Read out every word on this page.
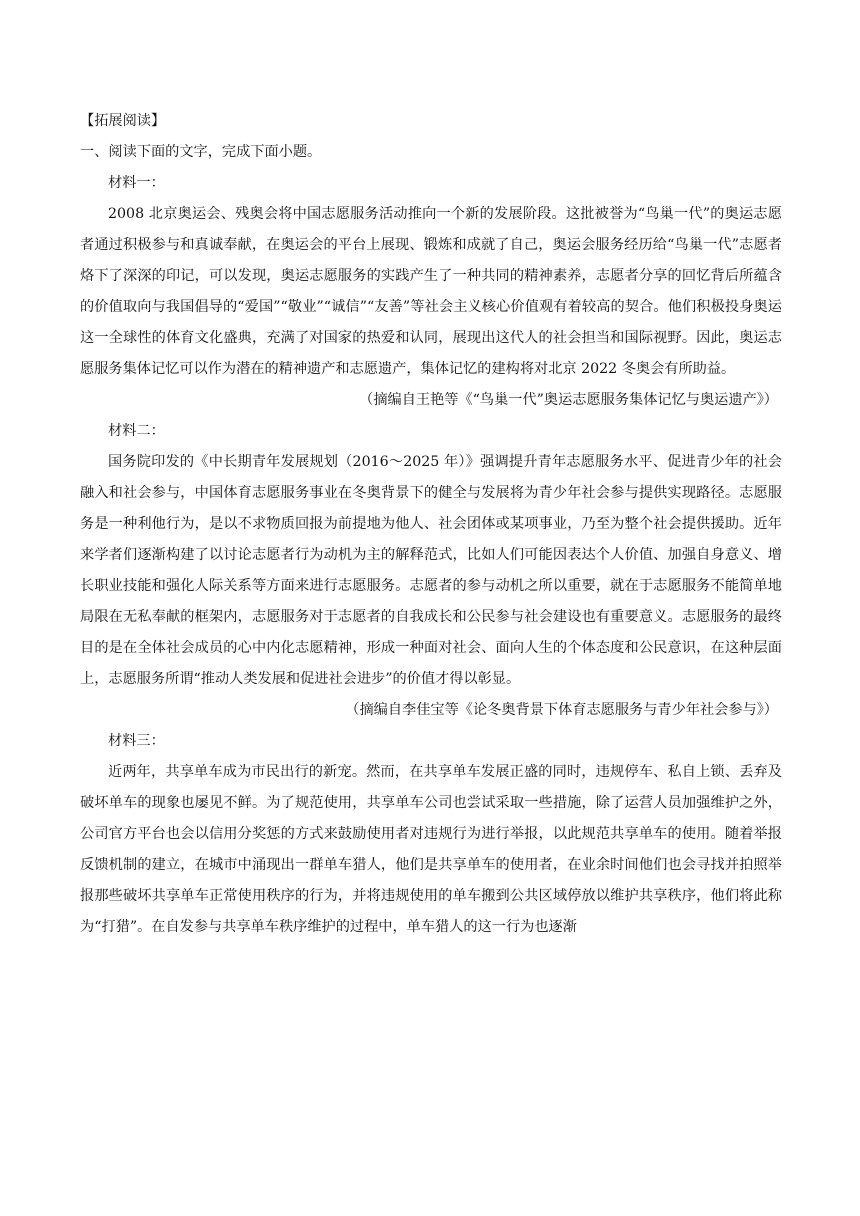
【拓展阅读】

一、阅读下面的文字，完成下面小题。

材料一：

2008 北京奥运会、残奥会将中国志愿服务活动推向一个新的发展阶段。这批被誉为“鸟巢一代”的奥运志愿者通过积极参与和真诚奉献，在奥运会的平台上展现、锻炼和成就了自己，奥运会服务经历给“鸟巢一代”志愿者烙下了深深的印记，可以发现，奥运志愿服务的实践产生了一种共同的精神素养，志愿者分享的回忆背后所蕴含的价值取向与我国倡导的“爱国”“敬业”“诚信”“友善”等社会主义核心价值观有着较高的契合。他们积极投身奥运这一全球性的体育文化盛典，充满了对国家的热爱和认同，展现出这代人的社会担当和国际视野。因此，奥运志愿服务集体记忆可以作为潜在的精神遗产和志愿遗产，集体记忆的建构将对北京 2022 冬奥会有所助益。

（摘编自王艳等《“鸟巢一代”奥运志愿服务集体记忆与奥运遗产》）

材料二：

国务院印发的《中长期青年发展规划（2016～2025 年）》强调提升青年志愿服务水平、促进青少年的社会融入和社会参与，中国体育志愿服务事业在冬奥背景下的健全与发展将为青少年社会参与提供实现路径。志愿服务是一种利他行为，是以不求物质回报为前提地为他人、社会团体或某项事业，乃至为整个社会提供援助。近年来学者们逐渐构建了以讨论志愿者行为动机为主的解释范式，比如人们可能因表达个人价值、加强自身意义、增长职业技能和强化人际关系等方面来进行志愿服务。志愿者的参与动机之所以重要，就在于志愿服务不能简单地局限在无私奉献的框架内，志愿服务对于志愿者的自我成长和公民参与社会建设也有重要意义。志愿服务的最终目的是在全体社会成员的心中内化志愿精神，形成一种面对社会、面向人生的个体态度和公民意识，在这种层面上，志愿服务所谓“推动人类发展和促进社会进步”的价值才得以彰显。

（摘编自李佳宝等《论冬奥背景下体育志愿服务与青少年社会参与》）

材料三：

近两年，共享单车成为市民出行的新宠。然而，在共享单车发展正盛的同时，违规停车、私自上锁、丢弃及破坏单车的现象也屡见不鲜。为了规范使用，共享单车公司也尝试采取一些措施，除了运营人员加强维护之外，公司官方平台也会以信用分奖惩的方式来鼓励使用者对违规行为进行举报，以此规范共享单车的使用。随着举报反馈机制的建立，在城市中涌现出一群单车猎人，他们是共享单车的使用者，在业余时间他们也会寻找并拍照举报那些破坏共享单车正常使用秩序的行为，并将违规使用的单车搬到公共区域停放以维护共享秩序，他们将此称为“打猎”。在自发参与共享单车秩序维护的过程中，单车猎人的这一行为也逐渐
